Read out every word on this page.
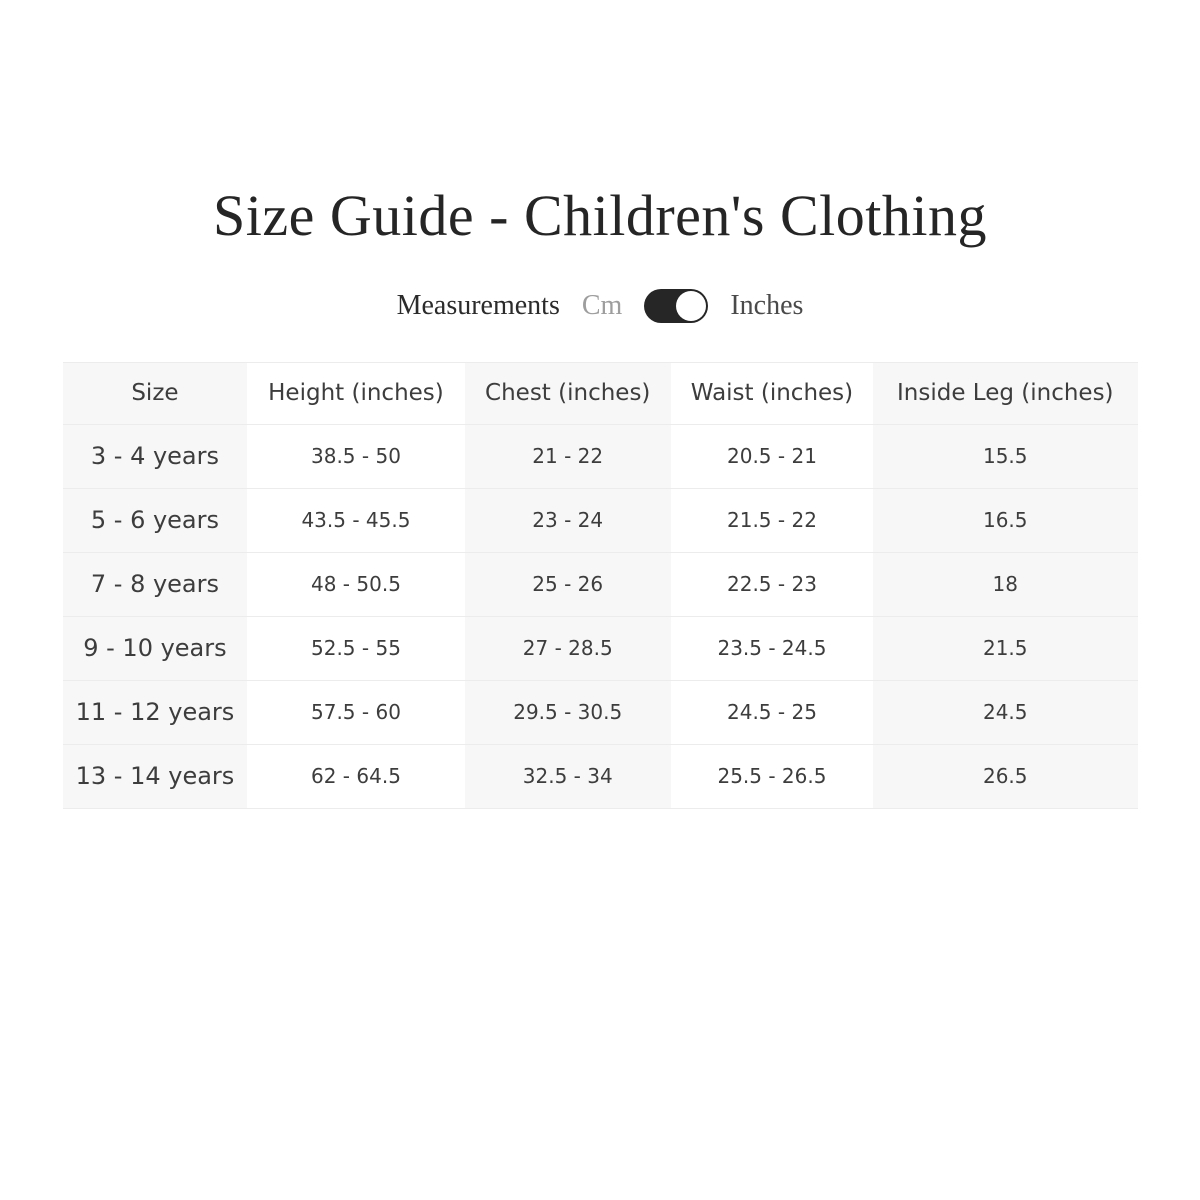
Size Guide - Children's Clothing
Measurements Cm	Inches
Size	Height (inches)	Chest (inches)	Waist (inches)	Inside Leg (inches)
3 - 4 years	38.5 - 50	21 - 22	20.5 - 21	15.5
5 - 6 years	43.5 - 45.5	23 - 24	21.5 - 22	16.5
7 - 8 years	48 - 50.5	25 - 26	22.5 - 23	18
9 - 10 years	52.5 - 55	27 - 28.5	23.5 - 24.5	21.5
11 - 12 years	57.5 - 60	29.5 - 30.5	24.5 - 25	24.5
13 - 14 years	62 - 64.5	32.5 - 34	25.5 - 26.5	26.5
